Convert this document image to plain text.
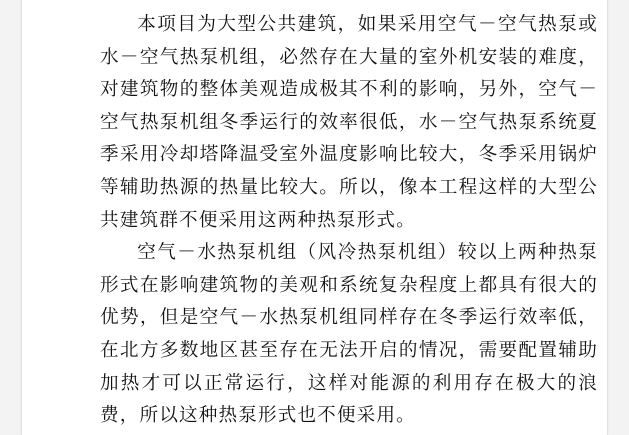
本项目为大型公共建筑，如果采用空气－空气热泵或水－空气热泵机组，必然存在大量的室外机安装的难度，对建筑物的整体美观造成极其不利的影响，另外，空气－空气热泵机组冬季运行的效率很低，水－空气热泵系统夏季采用冷却塔降温受室外温度影响比较大，冬季采用锅炉等辅助热源的热量比较大。所以，像本工程这样的大型公共建筑群不便采用这两种热泵形式。

空气－水热泵机组（风冷热泵机组）较以上两种热泵形式在影响建筑物的美观和系统复杂程度上都具有很大的优势，但是空气－水热泵机组同样存在冬季运行效率低，在北方多数地区甚至存在无法开启的情况，需要配置辅助加热才可以正常运行，这样对能源的利用存在极大的浪费，所以这种热泵形式也不便采用。
